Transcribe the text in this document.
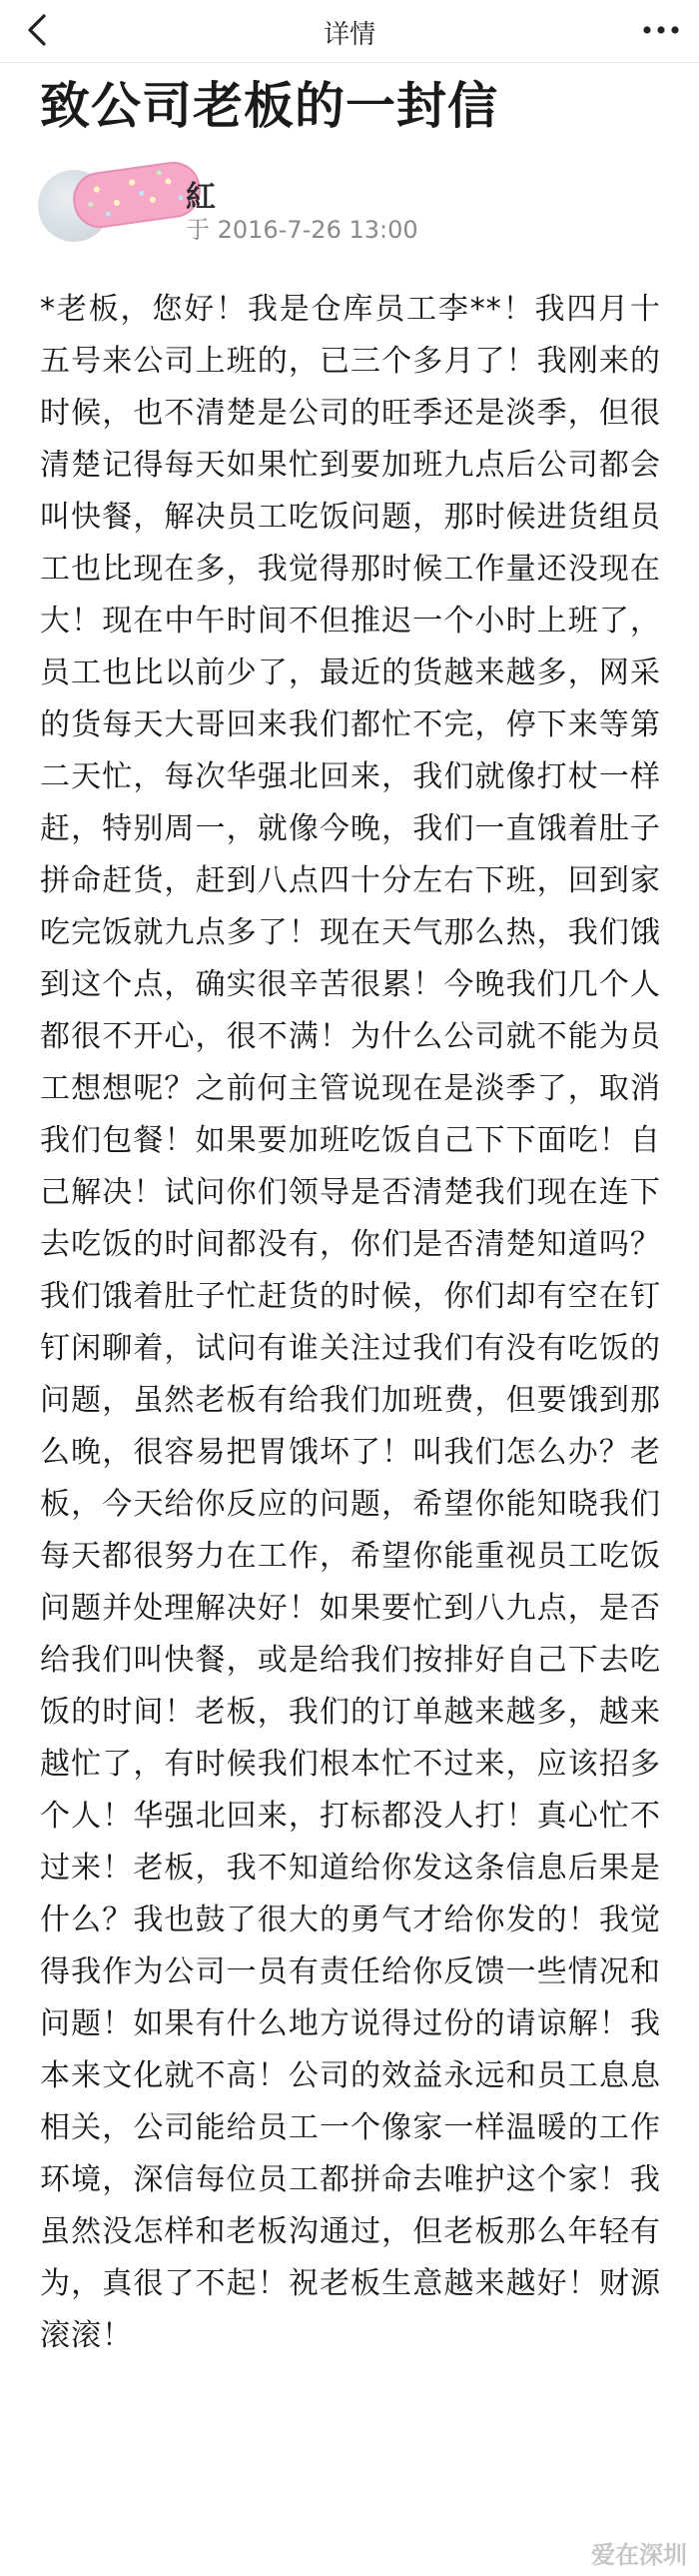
详情
致公司老板的一封信
紅
于 2016-7-26 13:00

*老板，您好！我是仓库员工李**！我四月十五号来公司上班的，已三个多月了！我刚来的时候，也不清楚是公司的旺季还是淡季，但很清楚记得每天如果忙到要加班九点后公司都会叫快餐，解决员工吃饭问题，那时候进货组员工也比现在多，我觉得那时候工作量还没现在大！现在中午时间不但推迟一个小时上班了，员工也比以前少了，最近的货越来越多，网采的货每天大哥回来我们都忙不完，停下来等第二天忙，每次华强北回来，我们就像打杖一样赶，特别周一，就像今晚，我们一直饿着肚子拼命赶货，赶到八点四十分左右下班，回到家吃完饭就九点多了！现在天气那么热，我们饿到这个点，确实很辛苦很累！今晚我们几个人都很不开心，很不满！为什么公司就不能为员工想想呢？之前何主管说现在是淡季了，取消我们包餐！如果要加班吃饭自己下下面吃！自己解决！试问你们领导是否清楚我们现在连下去吃饭的时间都没有，你们是否清楚知道吗？我们饿着肚子忙赶货的时候，你们却有空在钉钉闲聊着，试问有谁关注过我们有没有吃饭的问题，虽然老板有给我们加班费，但要饿到那么晚，很容易把胃饿坏了！叫我们怎么办？老板，今天给你反应的问题，希望你能知晓我们每天都很努力在工作，希望你能重视员工吃饭问题并处理解决好！如果要忙到八九点，是否给我们叫快餐，或是给我们按排好自己下去吃饭的时间！老板，我们的订单越来越多，越来越忙了，有时候我们根本忙不过来，应该招多个人！华强北回来，打标都没人打！真心忙不过来！老板，我不知道给你发这条信息后果是什么？我也鼓了很大的勇气才给你发的！我觉得我作为公司一员有责任给你反馈一些情况和问题！如果有什么地方说得过份的请谅解！我本来文化就不高！公司的效益永远和员工息息相关，公司能给员工一个像家一样温暖的工作环境，深信每位员工都拼命去唯护这个家！我虽然没怎样和老板沟通过，但老板那么年轻有为，真很了不起！祝老板生意越来越好！财源滚滚！

爱在深圳
